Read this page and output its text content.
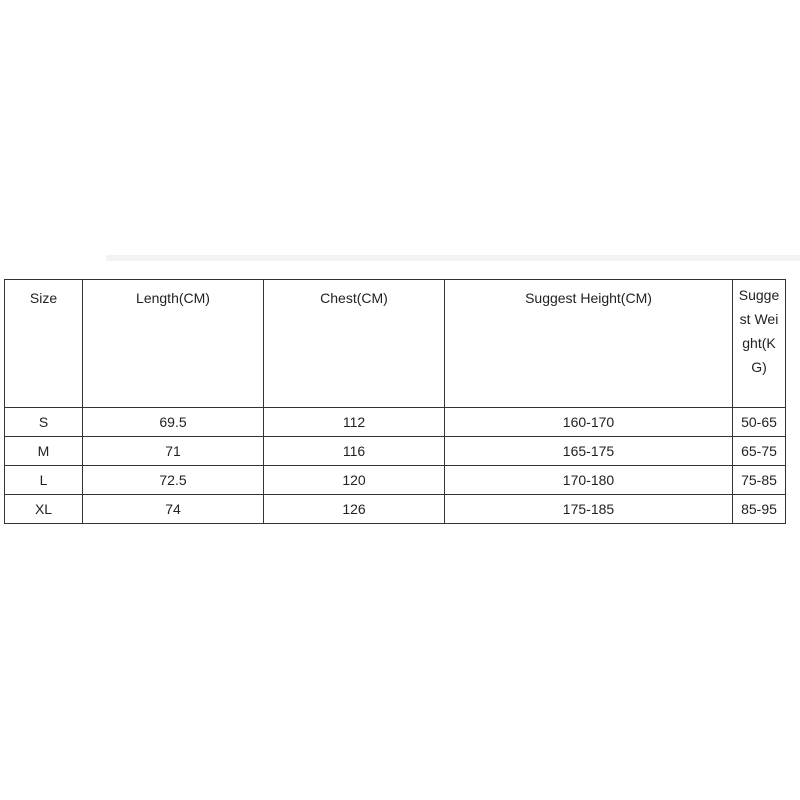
Size	Length(CM)	Chest(CM)	Suggest Height(CM)	Suggest Weight(KG)
S	69.5	112	160-170	50-65
M	71	116	165-175	65-75
L	72.5	120	170-180	75-85
XL	74	126	175-185	85-95
